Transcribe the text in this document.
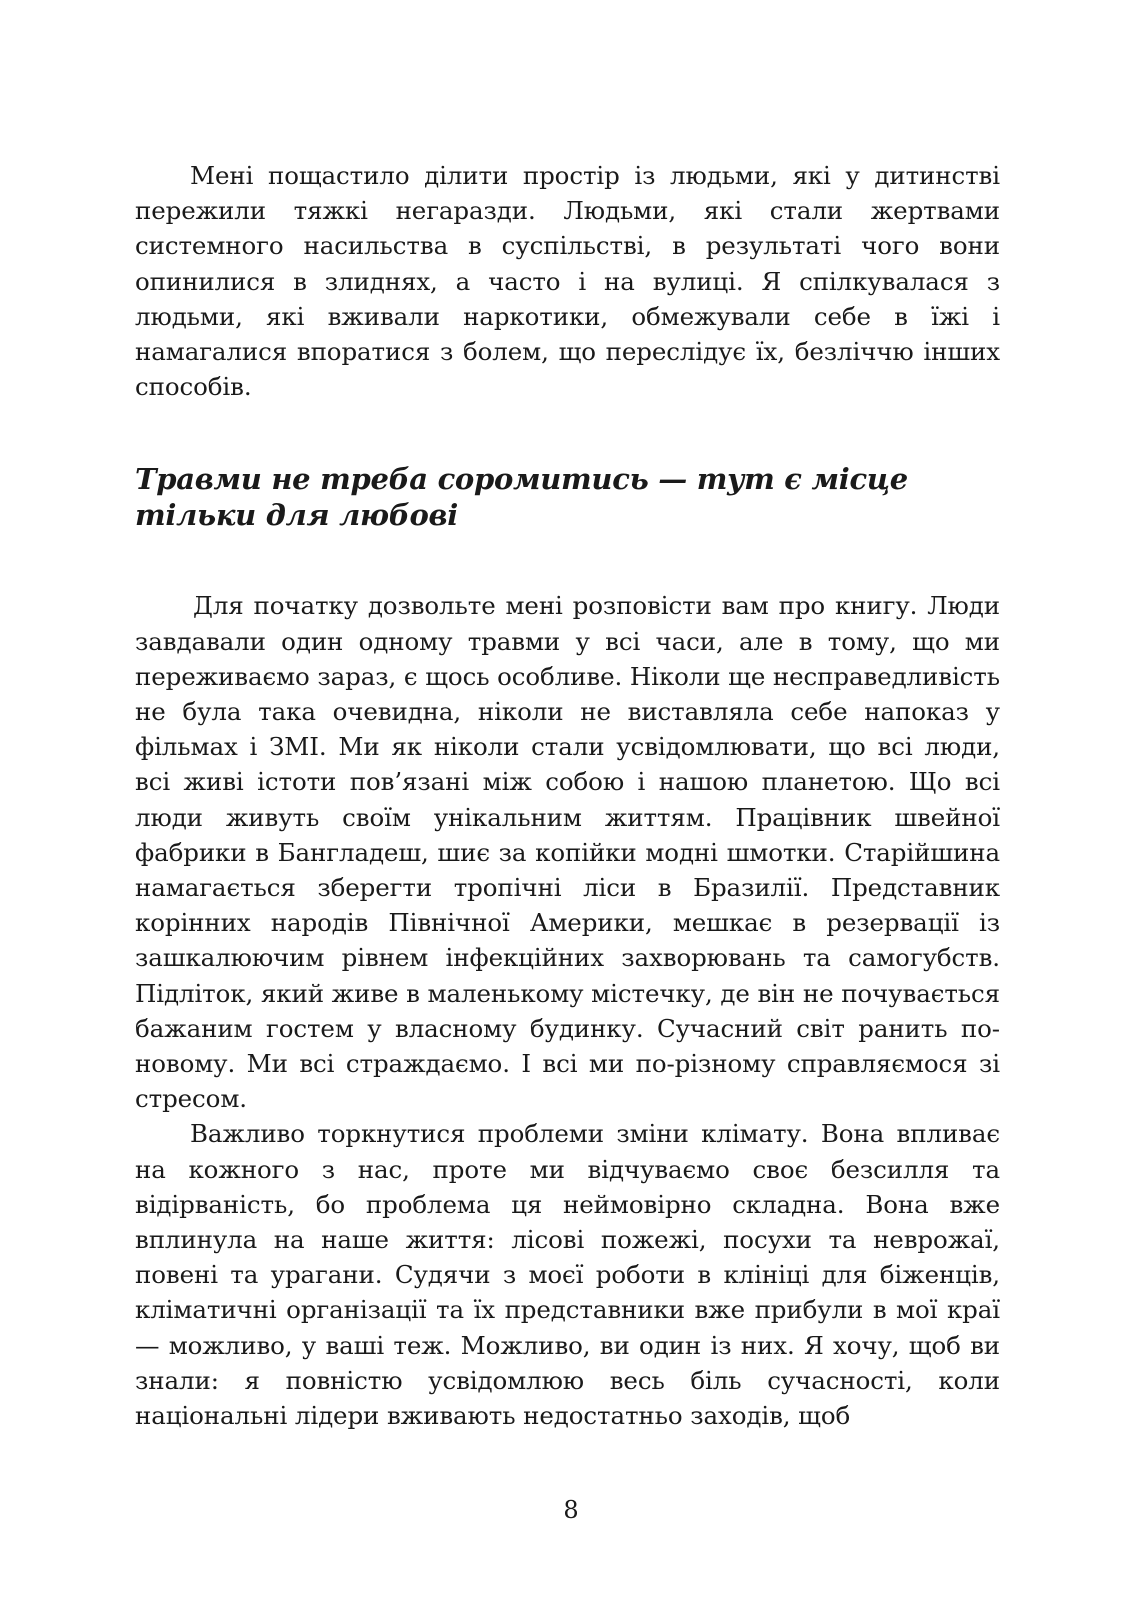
Мені пощастило ділити простір із людьми, які у дитинстві пережили тяжкі негаразди. Людьми, які стали жертвами системного насильства в суспільстві, в результаті чого вони опинилися в злиднях, а часто і на вулиці. Я спілкувалася з людьми, які вживали наркотики, обмежували себе в їжі і намагалися впоратися з болем, що переслідує їх, безліччю інших способів.

Травми не треба соромитись — тут є місце тільки для любові

Для початку дозвольте мені розповісти вам про книгу. Люди завдавали один одному травми у всі часи, але в тому, що ми переживаємо зараз, є щось особливе. Ніколи ще несправедливість не була така очевидна, ніколи не виставляла себе напоказ у фільмах і ЗМІ. Ми як ніколи стали усвідомлювати, що всі люди, всі живі істоти пов’язані між собою і нашою планетою. Що всі люди живуть своїм унікальним життям. Працівник швейної фабрики в Бангладеш, шиє за копійки модні шмотки. Старійшина намагається зберегти тропічні ліси в Бразилії. Представник корінних народів Північної Америки, мешкає в резервації із зашкалюючим рівнем інфекційних захворювань та самогубств. Підліток, який живе в маленькому містечку, де він не почувається бажаним гостем у власному будинку. Сучасний світ ранить по-новому. Ми всі страждаємо. І всі ми по-різному справляємося зі стресом.

Важливо торкнутися проблеми зміни клімату. Вона впливає на кожного з нас, проте ми відчуваємо своє безсилля та відірваність, бо проблема ця неймовірно складна. Вона вже вплинула на наше життя: лісові пожежі, посухи та неврожаї, повені та урагани. Судячи з моєї роботи в клініці для біженців, кліматичні організації та їх представники вже прибули в мої краї — можливо, у ваші теж. Можливо, ви один із них. Я хочу, щоб ви знали: я повністю усвідомлюю весь біль сучасності, коли національні лідери вживають недостатньо заходів, щоб

8
